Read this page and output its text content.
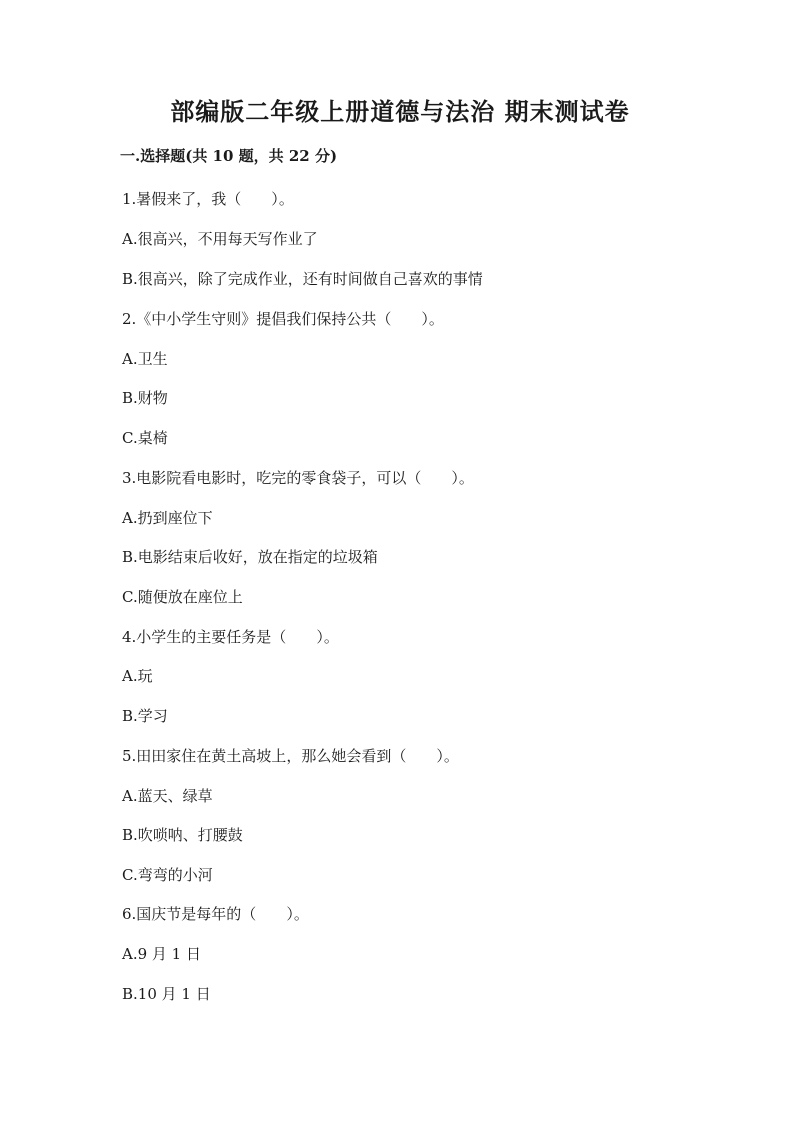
部编版二年级上册道德与法治 期末测试卷
一.选择题(共 10 题，共 22 分)
1.暑假来了，我（　　）。
A.很高兴，不用每天写作业了
B.很高兴，除了完成作业，还有时间做自己喜欢的事情
2.《中小学生守则》提倡我们保持公共（　　）。
A.卫生
B.财物
C.桌椅
3.电影院看电影时，吃完的零食袋子，可以（　　）。
A.扔到座位下
B.电影结束后收好，放在指定的垃圾箱
C.随便放在座位上
4.小学生的主要任务是（　　）。
A.玩
B.学习
5.田田家住在黄土高坡上，那么她会看到（　　）。
A.蓝天、绿草
B.吹唢呐、打腰鼓
C.弯弯的小河
6.国庆节是每年的（　　）。
A.9 月 1 日
B.10 月 1 日
